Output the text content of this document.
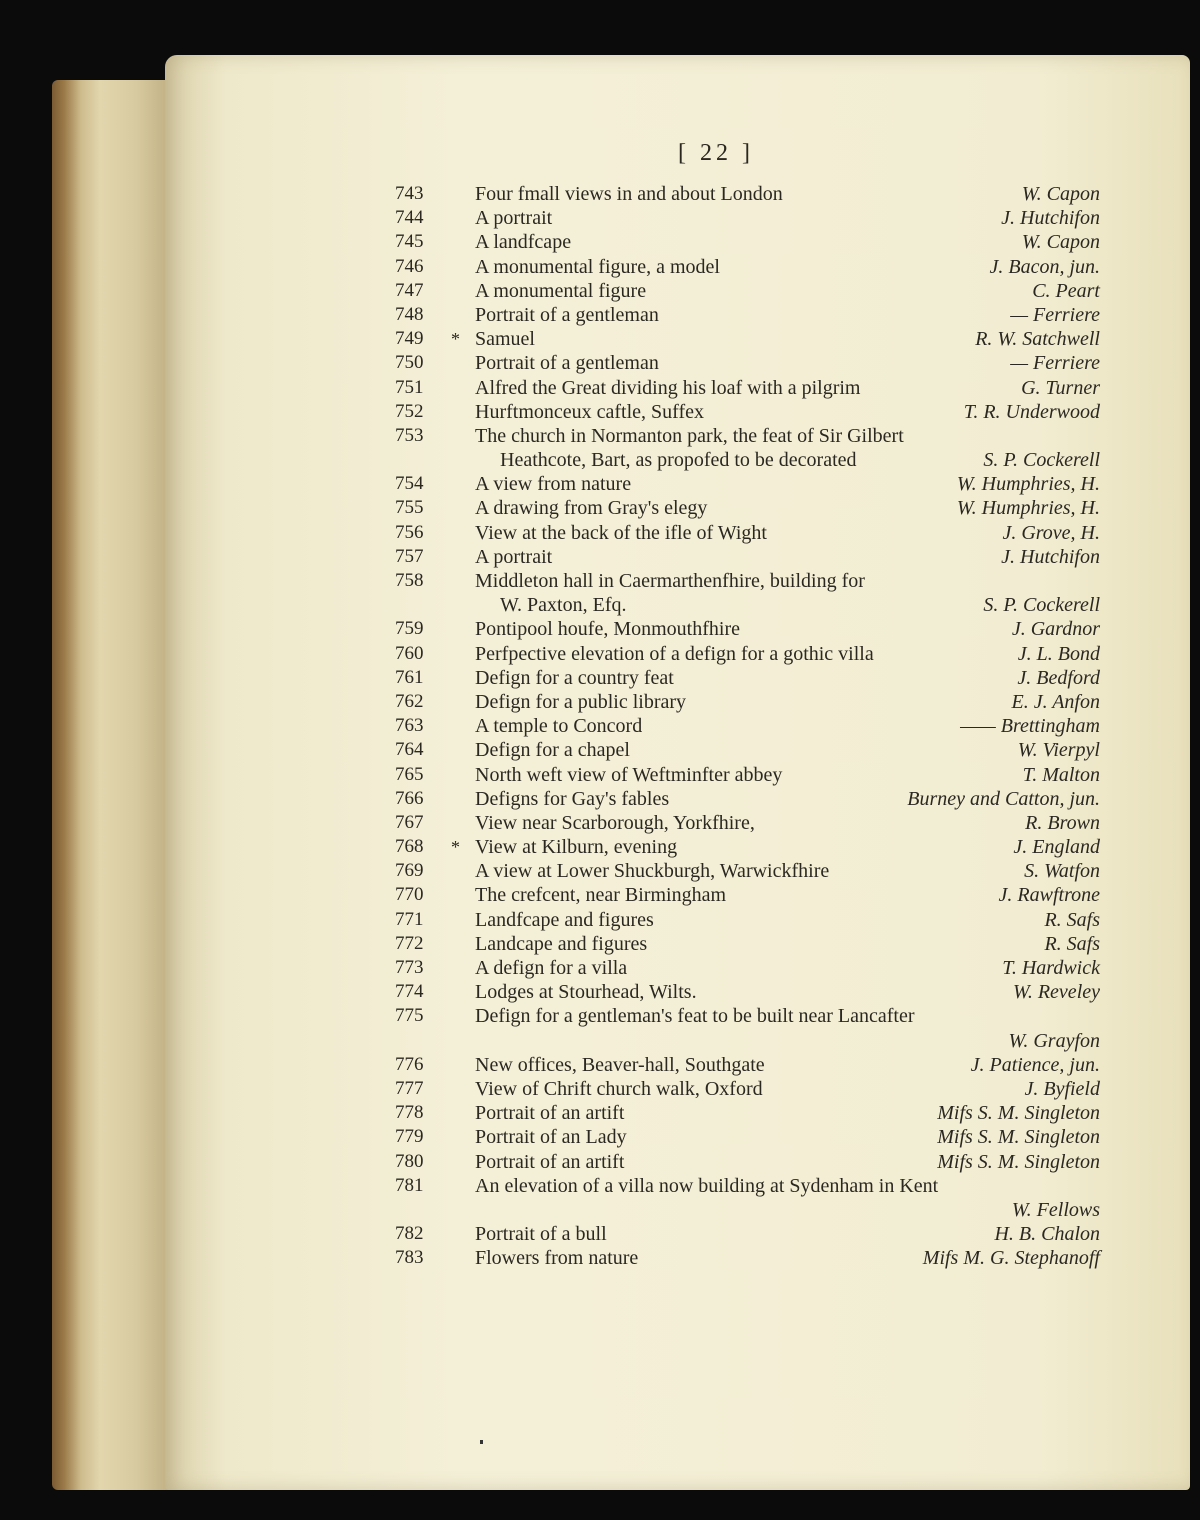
[ 22 ]
743	Four fmall views in and about London	W. Capon
744	A portrait	J. Hutchifon
745	A landfcape	W. Capon
746	A monumental figure, a model	J. Bacon, jun.
747	A monumental figure	C. Peart
748	Portrait of a gentleman	— Ferriere
749	* Samuel	R. W. Satchwell
750	Portrait of a gentleman	— Ferriere
751	Alfred the Great dividing his loaf with a pilgrim	G. Turner
752	Hurftmonceux caftle, Suffex	T. R. Underwood
753	The church in Normanton park, the feat of Sir Gilbert
Heathcote, Bart, as propofed to be decorated	S. P. Cockerell
754	A view from nature	W. Humphries, H.
755	A drawing from Gray's elegy	W. Humphries, H.
756	View at the back of the ifle of Wight	J. Grove, H.
757	A portrait	J. Hutchifon
758	Middleton hall in Caermarthenfhire, building for
W. Paxton, Efq.	S. P. Cockerell
759	Pontipool houfe, Monmouthfhire	J. Gardnor
760	Perfpective elevation of a defign for a gothic villa	J. L. Bond
761	Defign for a country feat	J. Bedford
762	Defign for a public library	E. J. Anfon
763	A temple to Concord	—— Brettingham
764	Defign for a chapel	W. Vierpyl
765	North weft view of Weftminfter abbey	T. Malton
766	Defigns for Gay's fables	Burney and Catton, jun.
767	View near Scarborough, Yorkfhire,	R. Brown
768	* View at Kilburn, evening	J. England
769	A view at Lower Shuckburgh, Warwickfhire	S. Watfon
770	The crefcent, near Birmingham	J. Rawftrone
771	Landfcape and figures	R. Safs
772	Landcape and figures	R. Safs
773	A defign for a villa	T. Hardwick
774	Lodges at Stourhead, Wilts.	W. Reveley
775	Defign for a gentleman's feat to be built near Lancafter
W. Grayfon
776	New offices, Beaver-hall, Southgate	J. Patience, jun.
777	View of Chrift church walk, Oxford	J. Byfield
778	Portrait of an artift	Mifs S. M. Singleton
779	Portrait of an Lady	Mifs S. M. Singleton
780	Portrait of an artift	Mifs S. M. Singleton
781	An elevation of a villa now building at Sydenham in Kent
W. Fellows
782	Portrait of a bull	H. B. Chalon
783	Flowers from nature	Mifs M. G. Stephanoff
